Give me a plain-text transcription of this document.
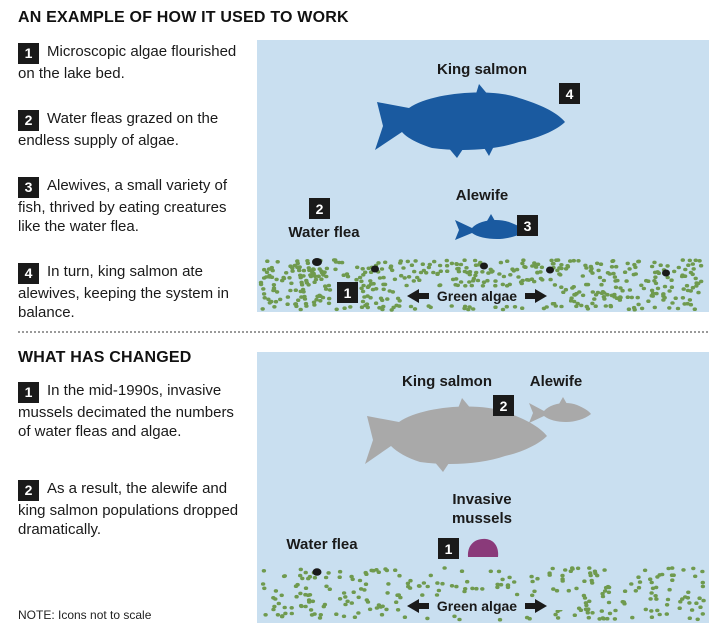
AN EXAMPLE OF HOW IT USED TO WORK
1 Microscopic algae flourished on the lake bed.
2 Water fleas grazed on the endless supply of algae.
3 Alewives, a small variety of fish, thrived by eating creatures like the water flea.
4 In turn, king salmon ate alewives, keeping the system in balance.
King salmon
Alewife
Water flea
1
2
3
4
Green algae
WHAT HAS CHANGED
1 In the mid-1990s, invasive mussels decimated the numbers of water fleas and algae.
2 As a result, the alewife and king salmon populations dropped dramatically.
King salmon	Alewife
Invasive
mussels
Water flea	1
2
Green algae
NOTE: Icons not to scale
